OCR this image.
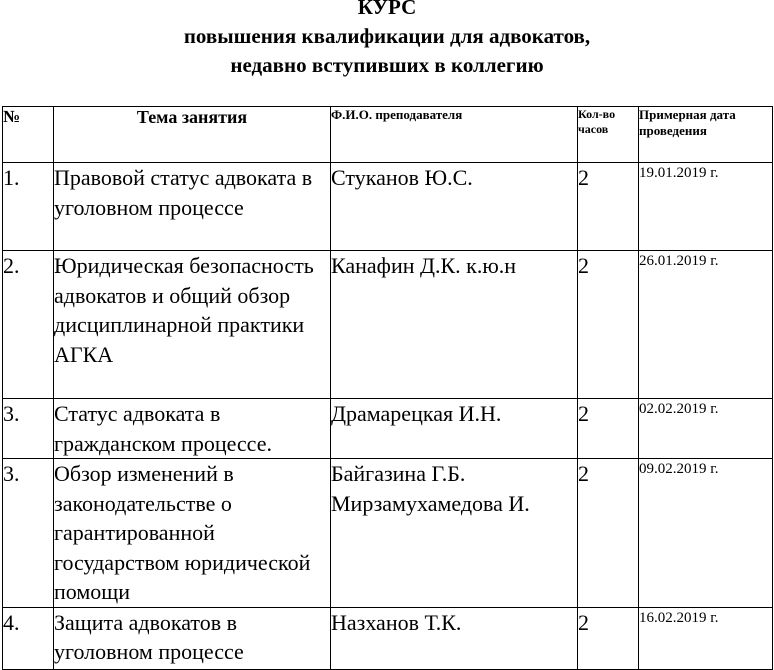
КУРС
повышения квалификации для адвокатов,
недавно вступивших в коллегию
№	Тема занятия	Ф.И.О. преподавателя	Кол-во часов	Примерная дата проведения
1.	Правовой статус адвоката в уголовном процессе	Стуканов Ю.С.	2	19.01.2019 г.
2.	Юридическая безопасность адвокатов и общий обзор дисциплинарной практики АГКА	Канафин Д.К. к.ю.н	2	26.01.2019 г.
3.	Статус адвоката в гражданском процессе.	Драмарецкая И.Н.	2	02.02.2019 г.
3.	Обзор изменений в законодательстве о гарантированной государством юридической помощи	Байгазина Г.Б. Мирзамухамедова И.	2	09.02.2019 г.
4.	Защита адвокатов в уголовном процессе	Назханов Т.К.	2	16.02.2019 г.
